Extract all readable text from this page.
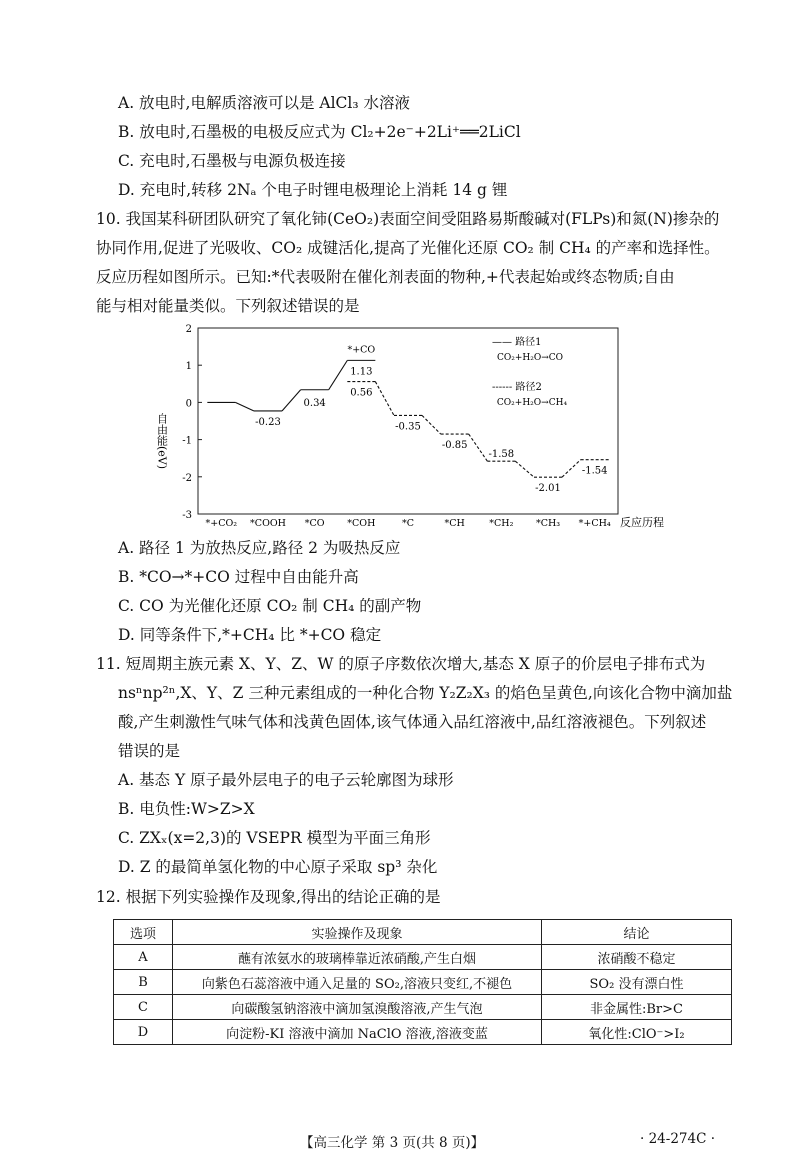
A. 放电时,电解质溶液可以是 AlCl₃ 水溶液
B. 放电时,石墨极的电极反应式为 Cl₂+2e⁻+2Li⁺══2LiCl
C. 充电时,石墨极与电源负极连接
D. 充电时,转移 2Nₐ 个电子时锂电极理论上消耗 14 g 锂
10. 我国某科研团队研究了氧化铈(CeO₂)表面空间受阻路易斯酸碱对(FLPs)和氮(N)掺杂的
协同作用,促进了光吸收、CO₂ 成键活化,提高了光催化还原 CO₂ 制 CH₄ 的产率和选择性。
反应历程如图所示。已知:*代表吸附在催化剂表面的物种,+代表起始或终态物质;自由
能与相对能量类似。下列叙述错误的是
2
1
0
-1
-2
-3
*+CO₂ *COOH *CO *COH	*C	*CH	*CH₂ *CH₃ *+CH₄
自由能(eV)
反应历程
*+CO
-0.23
0.34
1.13
0.56
-0.35
-0.85
-1.58
-2.01
-1.54
—— 路径1
CO₂+H₂O→CO
------ 路径2
CO₂+H₂O→CH₄
A. 路径 1 为放热反应,路径 2 为吸热反应
B. *CO→*+CO 过程中自由能升高
C. CO 为光催化还原 CO₂ 制 CH₄ 的副产物
D. 同等条件下,*+CH₄ 比 *+CO 稳定
11. 短周期主族元素 X、Y、Z、W 的原子序数依次增大,基态 X 原子的价层电子排布式为
nsⁿnp²ⁿ,X、Y、Z 三种元素组成的一种化合物 Y₂Z₂X₃ 的焰色呈黄色,向该化合物中滴加盐
酸,产生刺激性气味气体和浅黄色固体,该气体通入品红溶液中,品红溶液褪色。下列叙述
错误的是
A. 基态 Y 原子最外层电子的电子云轮廓图为球形
B. 电负性:W>Z>X
C. ZXₓ(x=2,3)的 VSEPR 模型为平面三角形
D. Z 的最简单氢化物的中心原子采取 sp³ 杂化
12. 根据下列实验操作及现象,得出的结论正确的是
选项	实验操作及现象	结论
A	蘸有浓氨水的玻璃棒靠近浓硝酸,产生白烟	浓硝酸不稳定
B	向紫色石蕊溶液中通入足量的 SO₂,溶液只变红,不褪色	SO₂ 没有漂白性
C	向碳酸氢钠溶液中滴加氢溴酸溶液,产生气泡	非金属性:Br>C
D	向淀粉-KI 溶液中滴加 NaClO 溶液,溶液变蓝	氧化性:ClO⁻>I₂
【高三化学 第 3 页(共 8 页)】	· 24-274C ·
